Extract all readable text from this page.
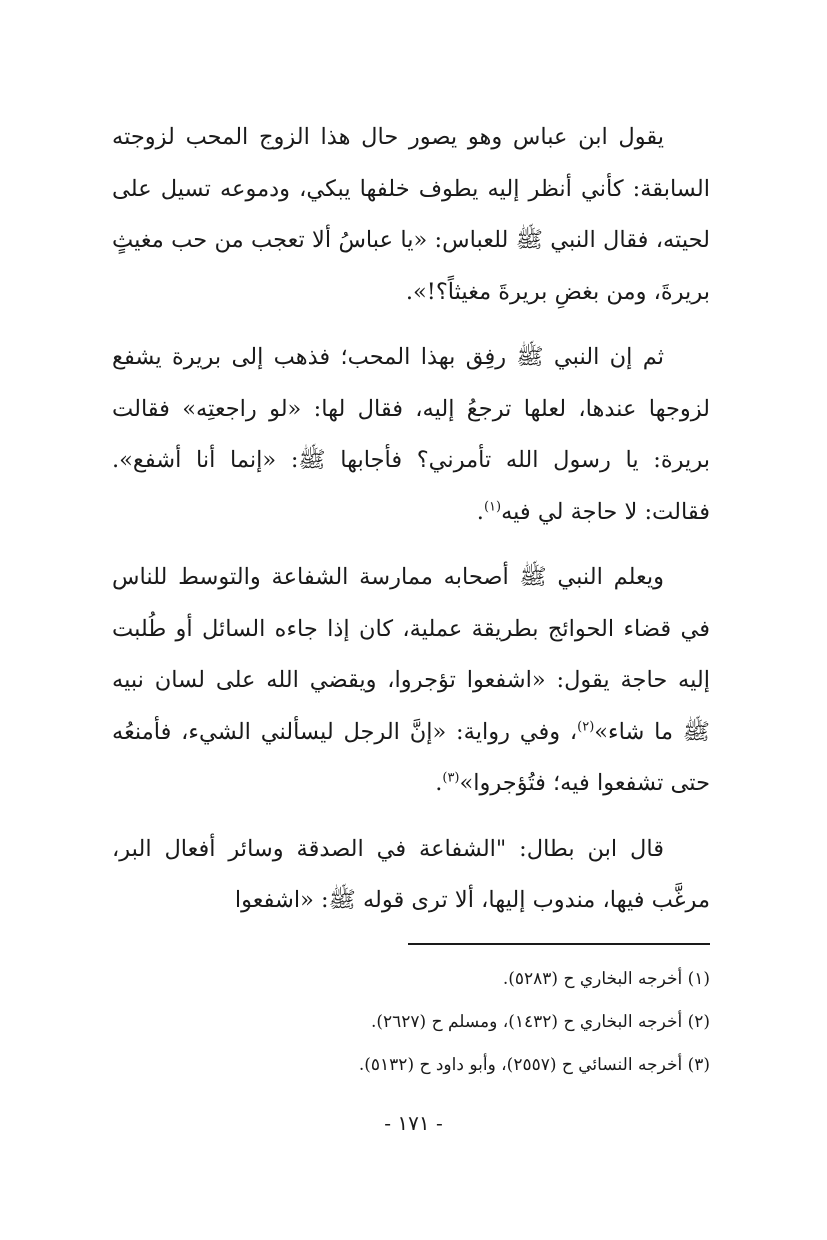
يقول ابن عباس وهو يصور حال هذا الزوج المحب لزوجته السابقة: كأني أنظر إليه يطوف خلفها يبكي، ودموعه تسيل على لحيته، فقال النبي ﷺ للعباس: «يا عباسُ ألا تعجب من حب مغيثٍ بريرةَ، ومن بغضِ بريرةَ مغيثاً؟!».

ثم إن النبي ﷺ رفِق بهذا المحب؛ فذهب إلى بريرة يشفع لزوجها عندها، لعلها ترجعُ إليه، فقال لها: «لو راجعتِه» فقالت بريرة: يا رسول الله تأمرني؟ فأجابها ﷺ: «إنما أنا أشفع». فقالت: لا حاجة لي فيه$^{(١)}$.

ويعلم النبي ﷺ أصحابه ممارسة الشفاعة والتوسط للناس في قضاء الحوائج بطريقة عملية، كان إذا جاءه السائل أو طُلبت إليه حاجة يقول: «اشفعوا تؤجروا، ويقضي الله على لسان نبيه ﷺ ما شاء»$^{(٢)}$، وفي رواية: «إنَّ الرجل ليسألني الشيء، فأمنعُه حتى تشفعوا فيه؛ فتُؤجروا»$^{(٣)}$.

قال ابن بطال: "الشفاعة في الصدقة وسائر أفعال البر، مرغَّب فيها، مندوب إليها، ألا ترى قوله ﷺ: «اشفعوا

(١) أخرجه البخاري ح (٥٢٨٣).

(٢) أخرجه البخاري ح (١٤٣٢)، ومسلم ح (٢٦٢٧).

(٣) أخرجه النسائي ح (٢٥٥٧)، وأبو داود ح (٥١٣٢).

- ١٧١ -
